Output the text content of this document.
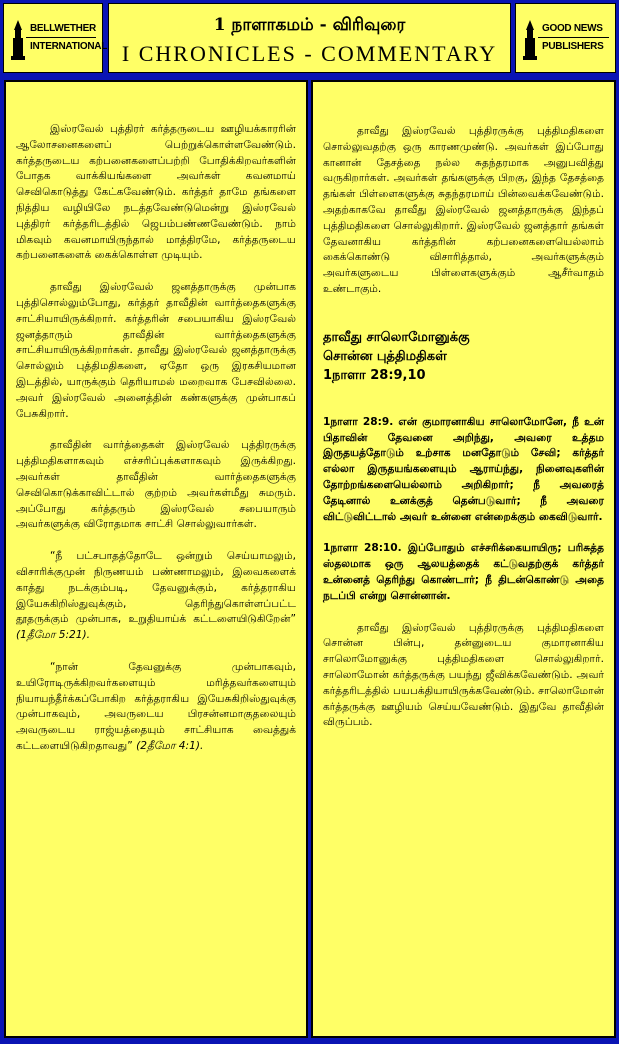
BELLWETHER
INTERNATIONAL
1 நாளாகமம் - விரிவுரை
I CHRONICLES - COMMENTARY
GOOD NEWS
PUBLISHERS

இஸ்ரவேல் புத்திரர் கர்த்தருடைய ஊழியக்காரரின் ஆலோசனைகளைப் பெற்றுக்கொள்ளவேண்டும். கர்த்தருடைய கற்பனைகளைப்பற்றி போதிக்கிறவர்களின் போதக வாக்கியங்களை அவர்கள் கவனமாய் செவிகொடுத்து கேட்கவேண்டும். கர்த்தர் தாமே தங்களை நித்திய வழியிலே நடத்தவேண்டுமென்று இஸ்ரவேல் புத்திரர் கர்த்தரிடத்தில் ஜெபம்பண்ணவேண்டும். நாம் மிகவும் கவனமாயிருந்தால் மாத்திரமே, கர்த்தருடைய கற்பனைகளைக் கைக்கொள்ள முடியும்.

தாவீது இஸ்ரவேல் ஜனத்தாருக்கு முன்பாக புத்திசொல்லும்போது, கர்த்தர் தாவீதின் வார்த்தைகளுக்கு சாட்சியாயிருக்கிறார். கர்த்தரின் சபையாகிய இஸ்ரவேல் ஜனத்தாரும் தாவீதின் வார்த்தைகளுக்கு சாட்சியாயிருக்கிறார்கள். தாவீது இஸ்ரவேல் ஜனத்தாருக்கு சொல்லும் புத்திமதிகளை, ஏதோ ஒரு இரகசியமான இடத்தில், யாருக்கும் தெரியாமல் மறைவாக பேசவில்லை. அவர் இஸ்ரவேல் அனைத்தின் கண்களுக்கு முன்பாகப் பேசுகிறார்.

தாவீதின் வார்த்தைகள் இஸ்ரவேல் புத்திரருக்கு புத்திமதிகளாகவும் எச்சரிப்புக்களாகவும் இருக்கிறது. அவர்கள் தாவீதின் வார்த்தைகளுக்கு செவிகொடுக்காவிட்டால் குற்றம் அவர்கள்மீது சுமரும். அப்போது கர்த்தரும் இஸ்ரவேல் சபையாரும் அவர்களுக்கு விரோதமாக சாட்சி சொல்லுவார்கள்.

“நீ பட்சபாதத்தோடே ஒன்றும் செய்யாமலும், விசாரிக்குமுன் நிருணயம் பண்ணாமலும், இவைகளைக் காத்து நடக்கும்படி, தேவனுக்கும், கர்த்தராகிய இயேசுகிறிஸ்துவுக்கும், தெரிந்துகொள்ளப்பட்ட தூதருக்கும் முன்பாக, உறுதியாய்க் கட்டளையிடுகிறேன்” (1தீமோ 5:21).

“நான் தேவனுக்கு முன்பாகவும், உயிரோடிருக்கிறவர்களையும் மரித்தவர்களையும் நியாயந்தீர்க்கப்போகிற கர்த்தராகிய இயேசுகிறிஸ்துவுக்கு முன்பாகவும், அவருடைய பிரசன்னமாகுதலையும் அவருடைய ராஜ்யத்தையும் சாட்சியாக வைத்துக் கட்டளையிடுகிறதாவது” (2தீமோ 4:1).

தாவீது இஸ்ரவேல் புத்திரருக்கு புத்திமதிகளை சொல்லுவதற்கு ஒரு காரணமுண்டு. அவர்கள் இப்போது கானான் தேசத்தை நல்ல சுதந்தரமாக அனுபவித்து வருகிறார்கள். அவர்கள் தங்களுக்கு பிறகு, இந்த தேசத்தை தங்கள் பிள்ளைகளுக்கு சுதந்தரமாய் பின்வைக்கவேண்டும். அதற்காகவே தாவீது இஸ்ரவேல் ஜனத்தாருக்கு இந்தப் புத்திமதிகளை சொல்லுகிறார். இஸ்ரவேல் ஜனத்தார் தங்கள் தேவனாகிய கர்த்தரின் கற்பனைகளையெல்லாம் கைக்கொண்டு விசாரித்தால், அவர்களுக்கும் அவர்களுடைய பிள்ளைகளுக்கும் ஆசீர்வாதம் உண்டாகும்.

தாவீது சாலொமோனுக்கு
சொன்ன புத்திமதிகள்
1நாளா 28:9,10

1நாளா 28:9. என் குமாரனாகிய சாலொமோனே, நீ உன் பிதாவின் தேவனை அறிந்து, அவரை உத்தம இருதயத்தோடும் உற்சாக மனதோடும் சேவி; கர்த்தர் எல்லா இருதயங்களையும் ஆராய்ந்து, நினைவுகளின் தோற்றங்களையெல்லாம் அறிகிறார்; நீ அவரைத் தேடினால் உனக்குத் தென்படுவார்; நீ அவரை விட்டுவிட்டால் அவர் உன்னை என்றைக்கும் கைவிடுவார்.

1நாளா 28:10. இப்போதும் எச்சரிக்கையாயிரு; பரிசுத்த ஸ்தலமாக ஒரு ஆலயத்தைக் கட்டுவதற்குக் கர்த்தர் உன்னைத் தெரிந்து கொண்டார்; நீ திடன்கொண்டு அதை நடப்பி என்று சொன்னான்.

தாவீது இஸ்ரவேல் புத்திரருக்கு புத்திமதிகளை சொன்ன பின்பு, தன்னுடைய குமாரனாகிய சாலொமோனுக்கு புத்திமதிகளை சொல்லுகிறார். சாலொமோன் கர்த்தருக்கு பயந்து ஜீவிக்கவேண்டும். அவர் கர்த்தரிடத்தில் பயபக்தியாயிருக்கவேண்டும். சாலொமோன் கர்த்தருக்கு ஊழியம் செய்யவேண்டும். இதுவே தாவீதின் விருப்பம்.
